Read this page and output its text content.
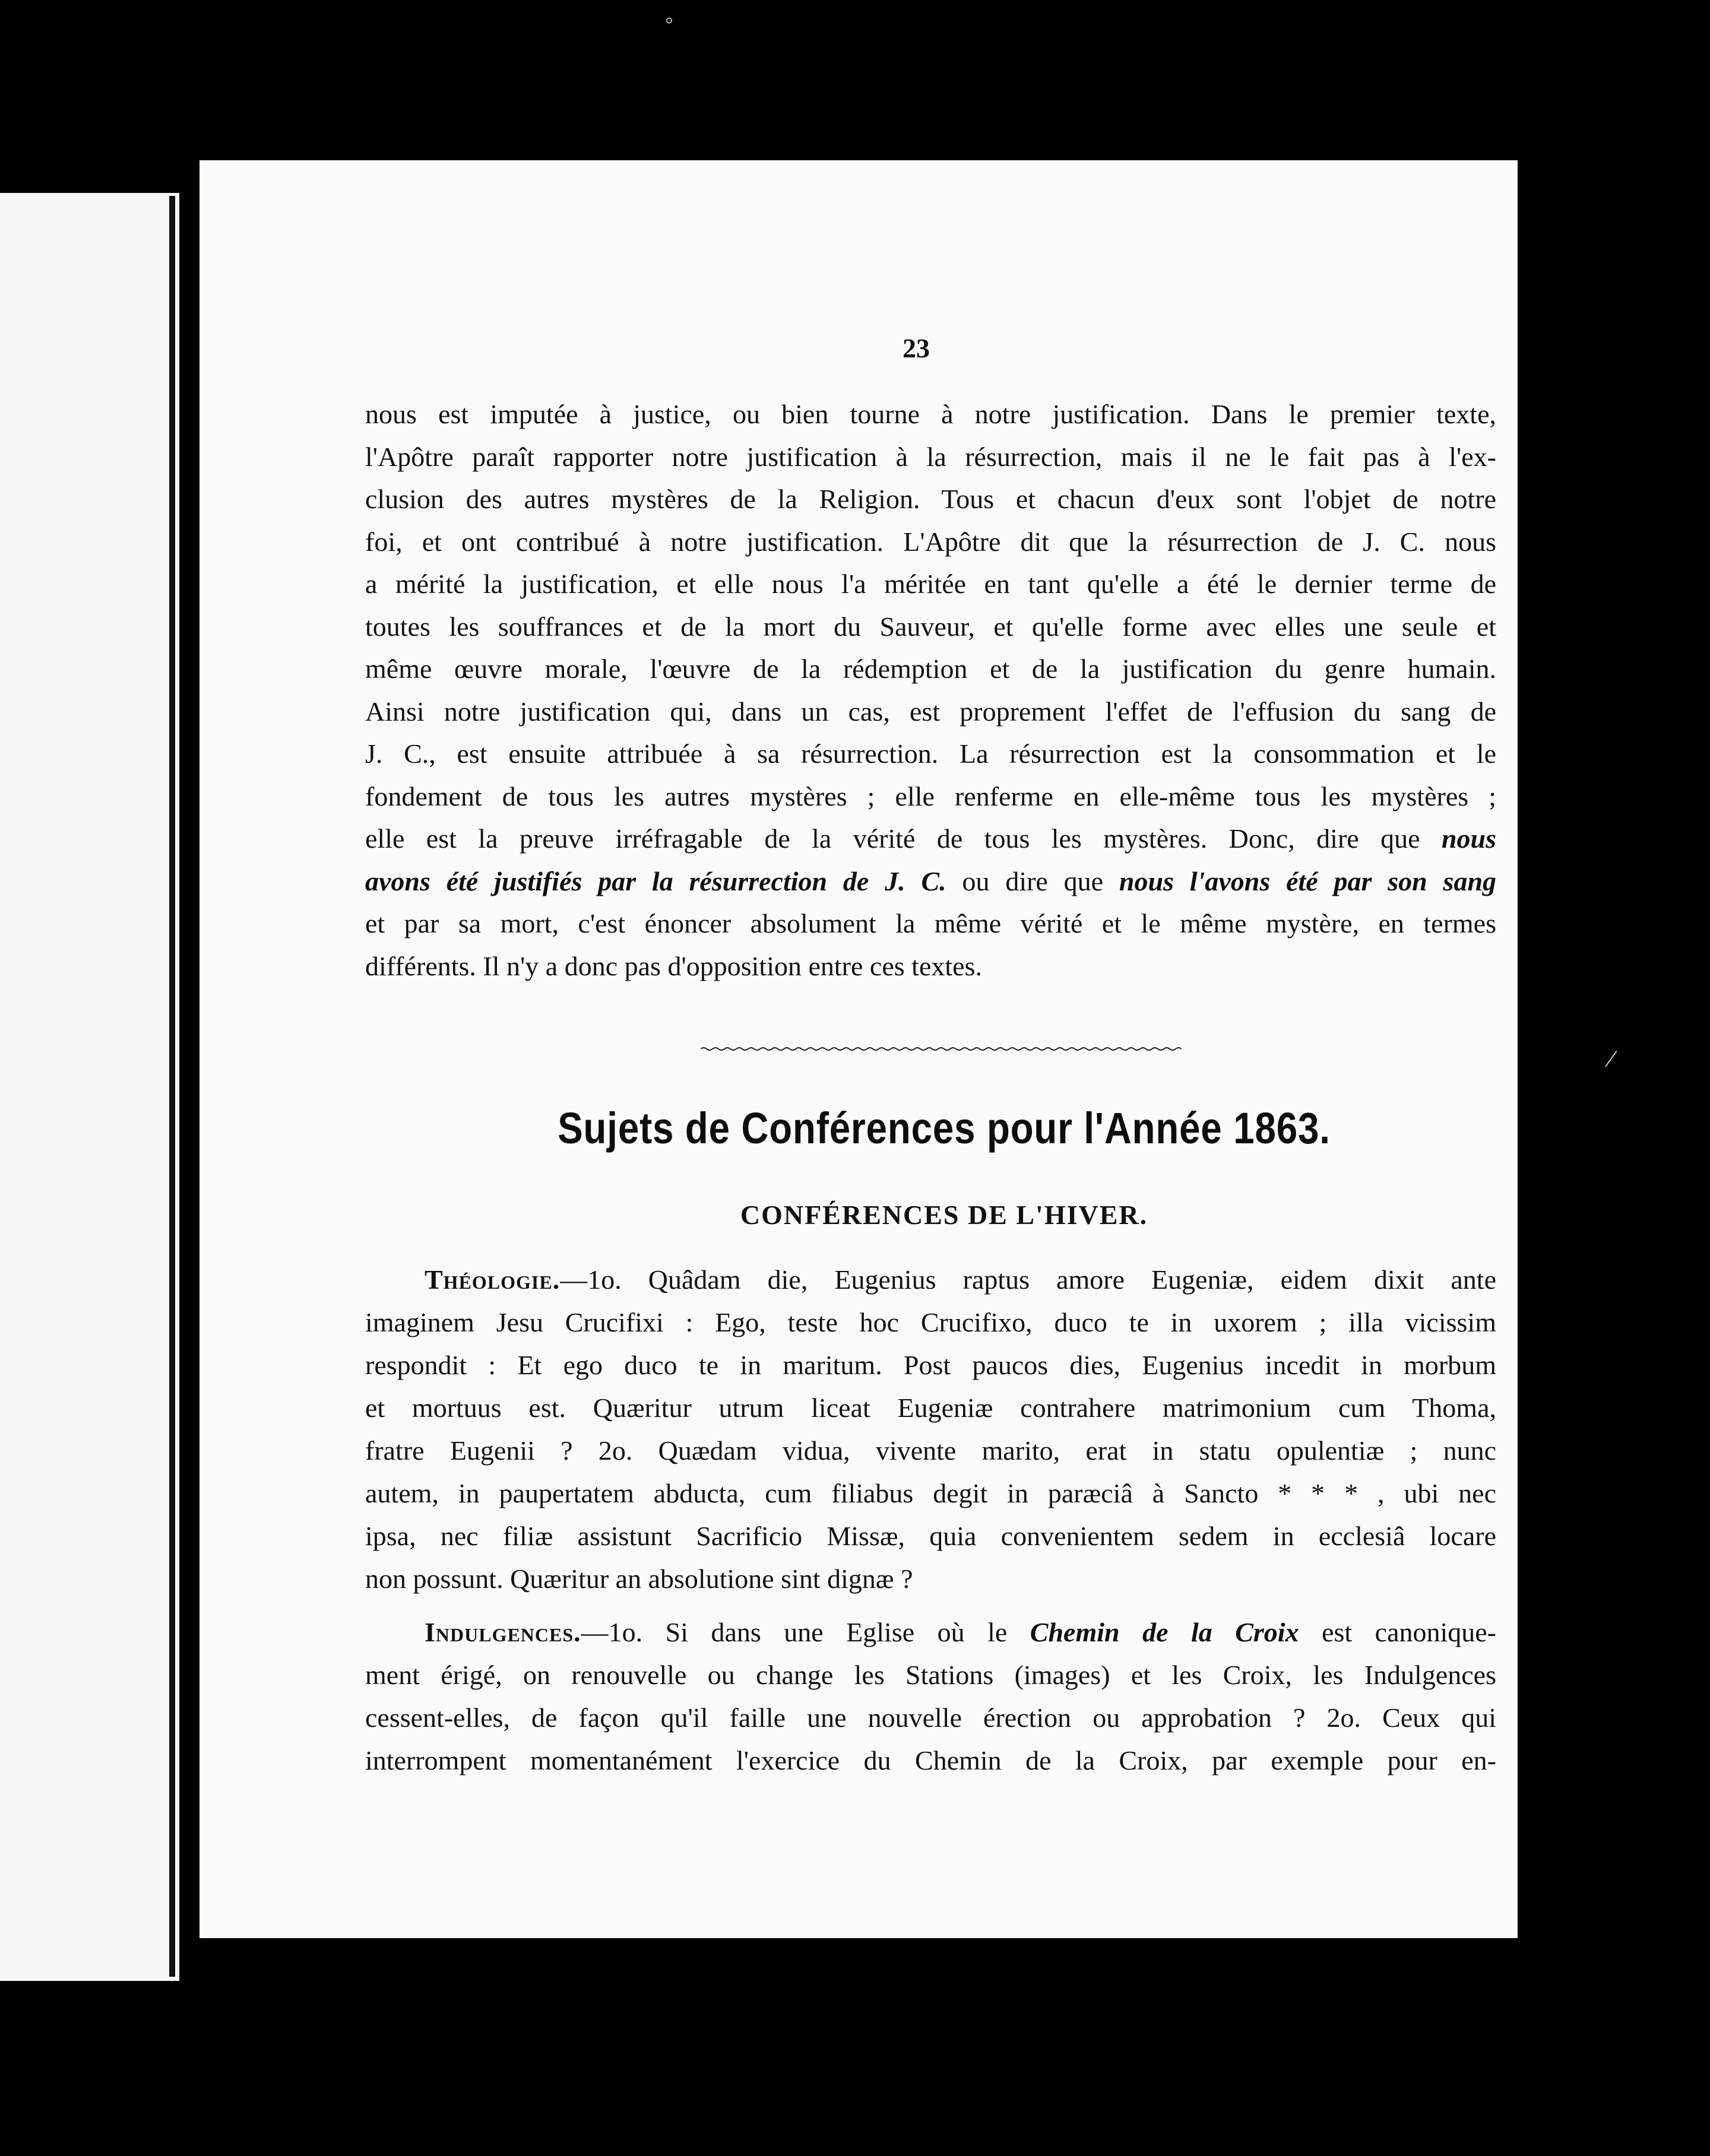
23
nous est imputée à justice, ou bien tourne à notre justification. Dans le premier texte,
l'Apôtre paraît rapporter notre justification à la résurrection, mais il ne le fait pas à l'ex-
clusion des autres mystères de la Religion. Tous et chacun d'eux sont l'objet de notre
foi, et ont contribué à notre justification. L'Apôtre dit que la résurrection de J. C. nous
a mérité la justification, et elle nous l'a méritée en tant qu'elle a été le dernier terme de
toutes les souffrances et de la mort du Sauveur, et qu'elle forme avec elles une seule et
même œuvre morale, l'œuvre de la rédemption et de la justification du genre humain.
Ainsi notre justification qui, dans un cas, est proprement l'effet de l'effusion du sang de
J. C., est ensuite attribuée à sa résurrection. La résurrection est la consommation et le
fondement de tous les autres mystères ; elle renferme en elle-même tous les mystères ;
elle est la preuve irréfragable de la vérité de tous les mystères. Donc, dire que nous
avons été justifiés par la résurrection de J. C. ou dire que nous l'avons été par son sang
et par sa mort, c'est énoncer absolument la même vérité et le même mystère, en termes
différents. Il n'y a donc pas d'opposition entre ces textes.
Sujets de Conférences pour l'Année 1863.
CONFÉRENCES DE L'HIVER.
Théologie.—1o. Quâdam die, Eugenius raptus amore Eugeniæ, eidem dixit ante
imaginem Jesu Crucifixi : Ego, teste hoc Crucifixo, duco te in uxorem ; illa vicissim
respondit : Et ego duco te in maritum. Post paucos dies, Eugenius incedit in morbum
et mortuus est. Quæritur utrum liceat Eugeniæ contrahere matrimonium cum Thoma,
fratre Eugenii ? 2o. Quædam vidua, vivente marito, erat in statu opulentiæ ; nunc
autem, in paupertatem abducta, cum filiabus degit in paræciâ à Sancto * * * , ubi nec
ipsa, nec filiæ assistunt Sacrificio Missæ, quia convenientem sedem in ecclesiâ locare
non possunt. Quæritur an absolutione sint dignæ ?
Indulgences.—1o. Si dans une Eglise où le Chemin de la Croix est canonique-
ment érigé, on renouvelle ou change les Stations (images) et les Croix, les Indulgences
cessent-elles, de façon qu'il faille une nouvelle érection ou approbation ? 2o. Ceux qui
interrompent momentanément l'exercice du Chemin de la Croix, par exemple pour en-
◦
⁄
